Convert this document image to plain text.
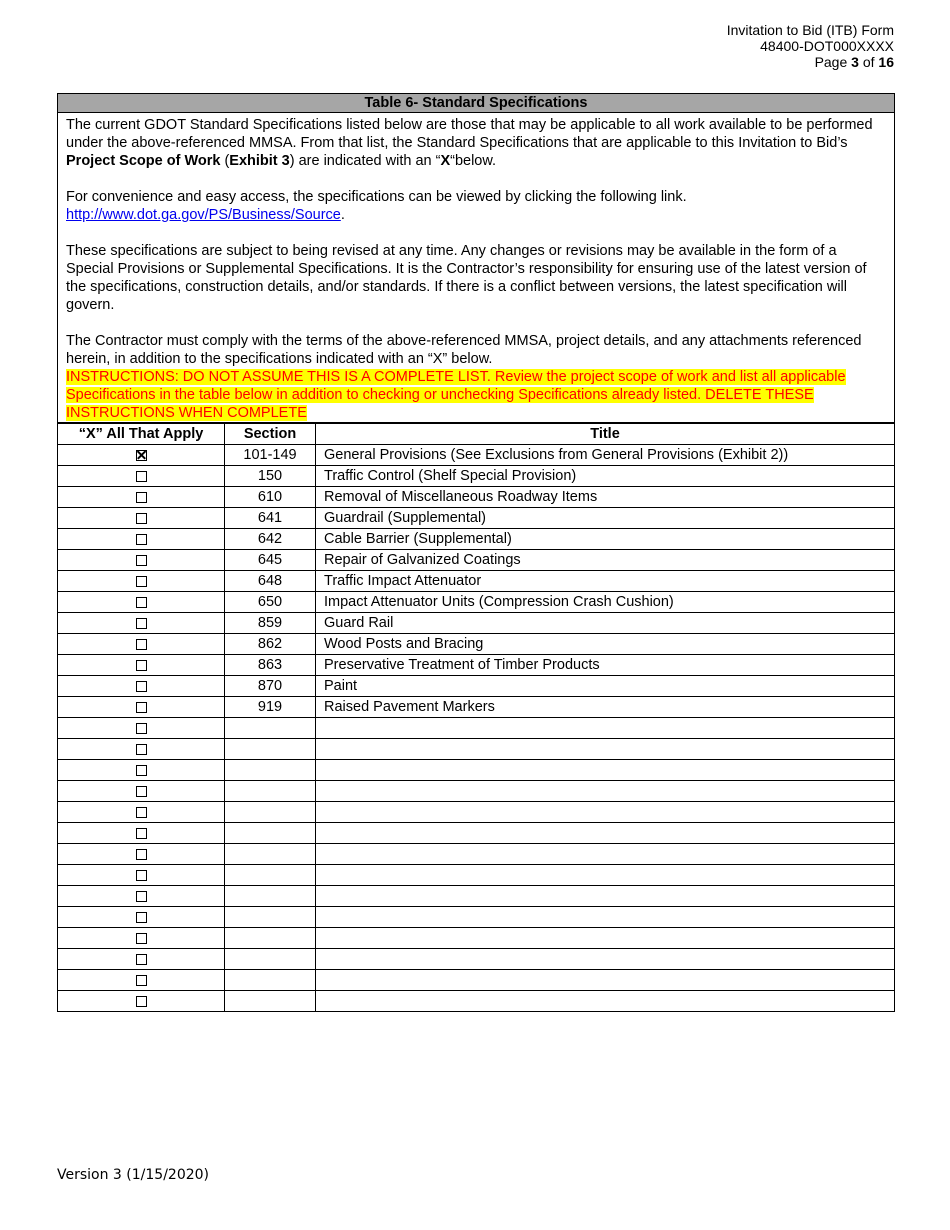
Invitation to Bid (ITB) Form
48400-DOT000XXXX
Page 3 of 16
Table 6- Standard Specifications

The current GDOT Standard Specifications listed below are those that may be applicable to all work available to be performed under the above-referenced MMSA. From that list, the Standard Specifications that are applicable to this Invitation to Bid’s Project Scope of Work (Exhibit 3) are indicated with an “X“below.

For convenience and easy access, the specifications can be viewed by clicking the following link.
http://www.dot.ga.gov/PS/Business/Source.

These specifications are subject to being revised at any time. Any changes or revisions may be available in the form of a Special Provisions or Supplemental Specifications. It is the Contractor’s responsibility for ensuring use of the latest version of the specifications, construction details, and/or standards. If there is a conflict between versions, the latest specification will govern.

The Contractor must comply with the terms of the above-referenced MMSA, project details, and any attachments referenced herein, in addition to the specifications indicated with an “X” below.

INSTRUCTIONS: DO NOT ASSUME THIS IS A COMPLETE LIST. Review the project scope of work and list all applicable Specifications in the table below in addition to checking or unchecking Specifications already listed. DELETE THESE INSTRUCTIONS WHEN COMPLETE

“X” All That Apply	Section	Title
	101-149	General Provisions (See Exclusions from General Provisions (Exhibit 2))
	150	Traffic Control (Shelf Special Provision)
	610	Removal of Miscellaneous Roadway Items
	641	Guardrail (Supplemental)
	642	Cable Barrier (Supplemental)
	645	Repair of Galvanized Coatings
	648	Traffic Impact Attenuator
	650	Impact Attenuator Units (Compression Crash Cushion)
	859	Guard Rail
	862	Wood Posts and Bracing
	863	Preservative Treatment of Timber Products
	870	Paint
	919	Raised Pavement Markers

Version 3 (1/15/2020)
